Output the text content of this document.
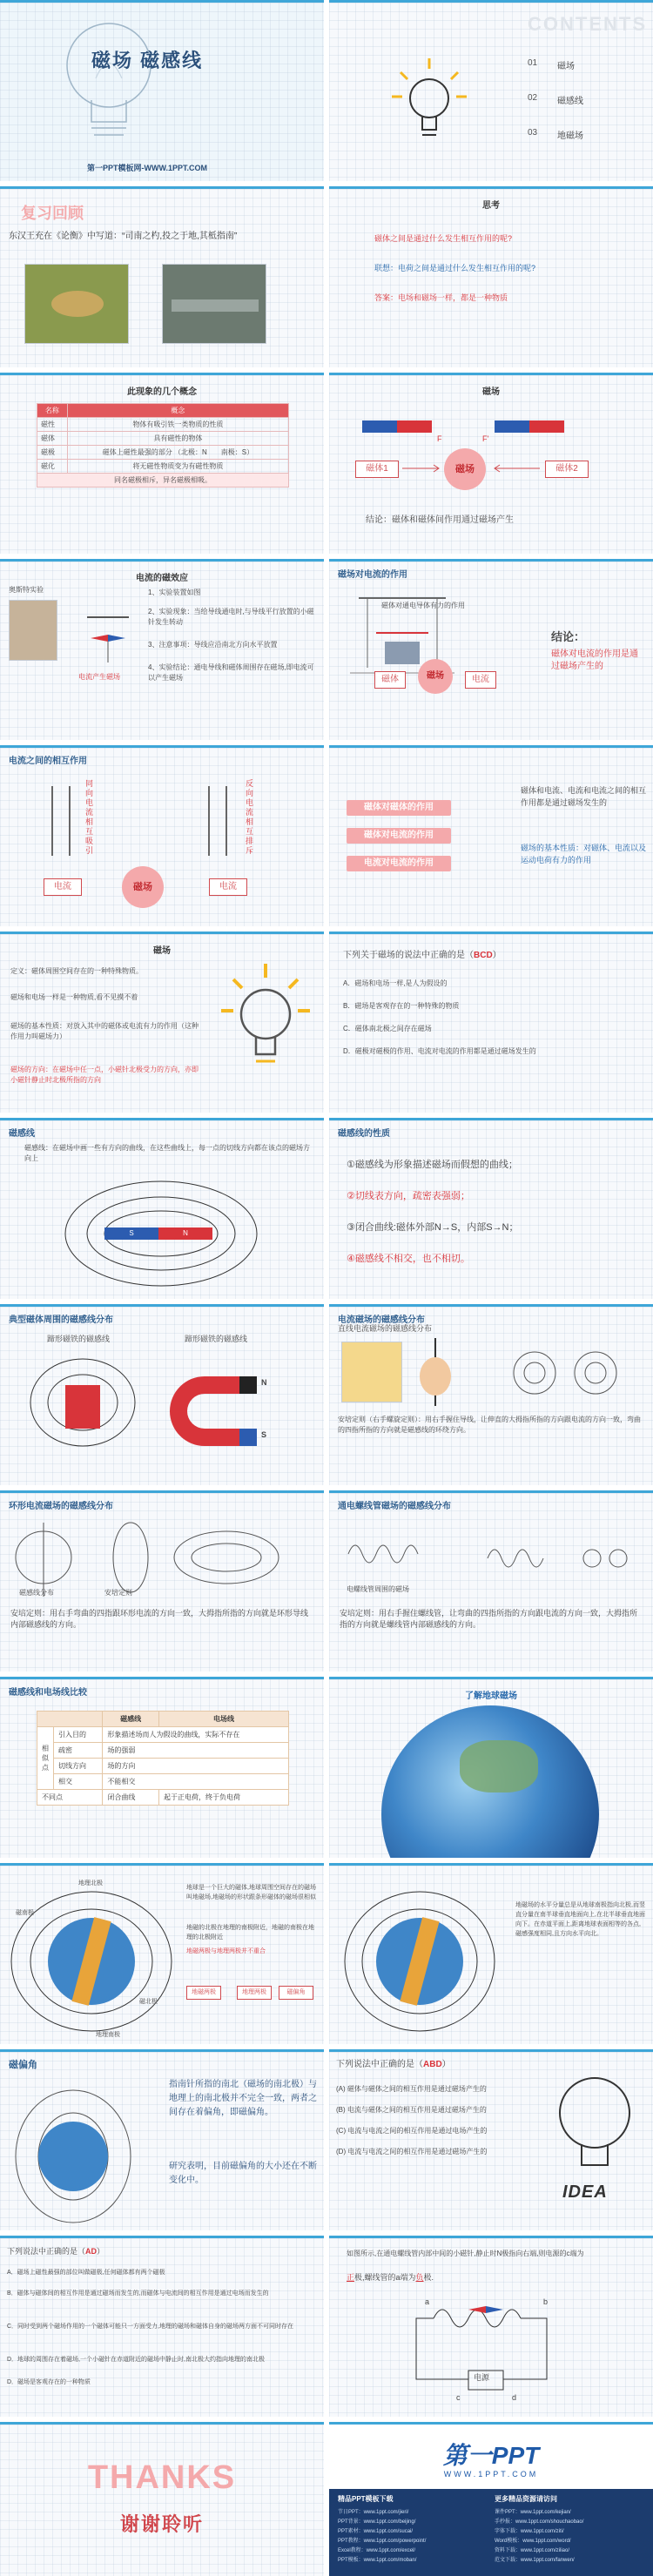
磁场 磁感线
第一PPT模板网-WWW.1PPT.COM
CONTENTS
01 磁场
02 磁感线
03 地磁场
复习回顾
东汉王充在《论衡》中写道：“司南之杓,投之于地,其柢指南”
思考
磁体之间是通过什么发生相互作用的呢?
联想：电荷之间是通过什么发生相互作用的呢?
答案：电场和磁场一样，都是一种物质
此现象的几个概念
名称	概念
磁性	物体有吸引铁一类物质的性质
磁体	具有磁性的物体
磁极	磁体上磁性最强的部分 （北极：N　　南极：S）
磁化	将无磁性物质变为有磁性物质
同名磁极相斥，异名磁极相吸。	
磁场
F	F'
磁体1	磁场	磁体2
结论：磁体和磁体间作用通过磁场产生
电流的磁效应
奥斯特实验
电流产生磁场
1、实验装置如图
2、实验现象：当给导线通电时,与导线平行放置的小磁针发生转动
3、注意事项：导线应沿南北方向水平放置
4、实验结论：通电导线和磁体周围存在磁场,即电流可以产生磁场
磁场对电流的作用
磁体对通电导体有力的作用
磁体	磁场	电流
结论：
磁体对电流的作用是通过磁场产生的
电流之间的相互作用
同向电流相互吸引
反向电流相互排斥
电流	磁场	电流
磁体对磁体的作用
磁体对电流的作用
电流对电流的作用
磁体和电流、电流和电流之间的相互作用都是通过磁场发生的
磁场的基本性质：对磁体、电流以及运动电荷有力的作用
磁场
定义：磁体周围空间存在的一种特殊物质。
磁场和电场一样是一种物质,看不见摸不着
磁场的基本性质：对放入其中的磁体或电流有力的作用（这种作用力叫磁场力）
磁场的方向：在磁场中任一点，小磁针北极受力的方向，亦即小磁针静止时北极所指的方向
下列关于磁场的说法中正确的是（BCD）
A．磁场和电场一样,是人为假设的
B．磁场是客观存在的一种特殊的物质
C．磁体南北极之间存在磁场
D．磁极对磁极的作用、电流对电流的作用都是通过磁场发生的
磁感线
磁感线：在磁场中画一些有方向的曲线，在这些曲线上，每一点的切线方向都在该点的磁场方向上
S	N
磁感线的性质
①磁感线为形象描述磁场而假想的曲线；
②切线表方向，疏密表强弱；
③闭合曲线:磁体外部N→S，内部S→N；
④磁感线不相交，也不相切。
典型磁体周围的磁感线分布
蹄形磁铁的磁感线	蹄形磁铁的磁感线
N
S
电流磁场的磁感线分布
直线电流磁场的磁感线分布
安培定则（右手螺旋定则）：用右手握住导线，让伸直的大拇指所指的方向跟电流的方向一致，弯曲的四指所指的方向就是磁感线的环绕方向。
环形电流磁场的磁感线分布
磁感线分布	安培定则
安培定则：用右手弯曲的四指跟环形电流的方向一致，大拇指所指的方向就是环形导线内部磁感线的方向。
通电螺线管磁场的磁感线分布
电螺线管周围的磁场
安培定则：用右手握住螺线管，让弯曲的四指所指的方向跟电流的方向一致，大拇指所指的方向就是螺线管内部磁感线的方向。
磁感线和电场线比较
		磁感线	电场线
相似点	引入目的	形象描述场而人为假设的曲线，实际不存在	
	疏密	场的强弱	
	切线方向	场的方向	
	相交	不能相交	
不同点		闭合曲线	起于正电荷，终于负电荷
了解地球磁场
地理北极
磁南极
地理南极
磁北极
地球是一个巨大的磁体,地球周围空间存在的磁场叫地磁场,地磁场的形状跟条形磁体的磁场很相似
地磁的北极在地理的南极附近，地磁的南极在地理的北极附近
地磁两极与地理两极并不重合
地磁两极	地理两极	磁偏角
地磁场的水平分量总是从地球南极指向北极,而竖直分量在南半球垂直地面向上,在北半球垂直地面向下。在赤道平面上,距离地球表面相等的各点,磁感强度相同,且方向水平向北。
磁偏角
指南针所指的南北（磁场的南北极）与地理上的南北极并不完全一致，两者之间存在着偏角，即磁偏角。
研究表明，目前磁偏角的大小还在不断变化中。
下列说法中正确的是（ABD）
(A) 磁体与磁体之间的相互作用是通过磁场产生的
(B) 电流与磁体之间的相互作用是通过磁场产生的
(C) 电流与电流之间的相互作用是通过电场产生的
(D) 电流与电流之间的相互作用是通过磁场产生的
IDEA
下列说法中正确的是（AD）
A．磁场上磁性最强的部位叫做磁极,任何磁体都有两个磁极
B．磁体与磁体间的相互作用是通过磁场而发生的,而磁体与电流间的相互作用是通过电场而发生的
C．同时受到两个磁场作用的一个磁体可能只一方面受力,地理的磁场和磁体自身的磁场两方面不可同时存在
D．地球的周围存在着磁场,一个小磁针在赤道附近的磁场中静止时,南北极大约指向地理的南北极
D．磁场是客观存在的一种物质
如图所示,在通电螺线管内部中间的小磁针,静止时N极指向右端,则电源的c端为
正极,螺线管的a端为负极.
a	b
c	d
电源
THANKS
谢谢聆听
第一PPT
WWW.1PPT.COM
精品PPT模板下载	更多精品资源请访问
节日PPT：www.1ppt.com/jieri/
PPT背景：www.1ppt.com/beijing/
PPT素材：www.1ppt.com/sucai/
PPT教程：www.1ppt.com/powerpoint/
Excel教程：www.1ppt.com/excel/
PPT模板：www.1ppt.com/moban/
课件PPT：www.1ppt.com/kejian/
手抄报：www.1ppt.com/shouchaobao/
字体下载：www.1ppt.com/ziti/
Word模板：www.1ppt.com/word/
资料下载：www.1ppt.com/ziliao/
范文下载：www.1ppt.com/fanwen/
